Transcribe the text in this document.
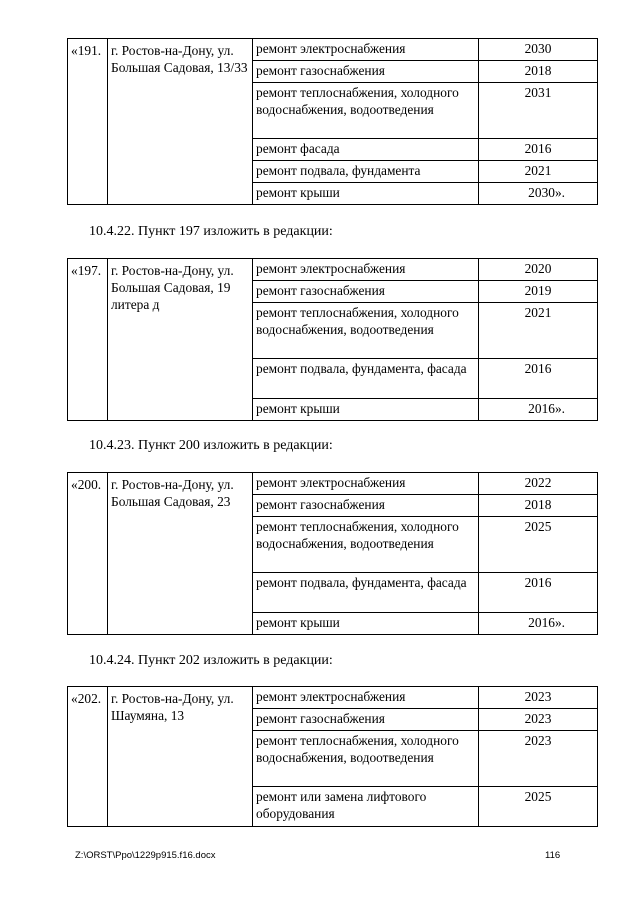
«191.	г. Ростов-на-Дону, ул. Большая Садовая, 13/33	ремонт электроснабжения	2030
		ремонт газоснабжения	2018
		ремонт теплоснабжения, холодного водоснабжения, водоотведения	2031
		ремонт фасада	2016
		ремонт подвала, фундамента	2021
		ремонт крыши	2030».
10.4.22. Пункт 197 изложить в редакции:
«197.	г. Ростов-на-Дону, ул. Большая Садовая, 19 литера д	ремонт электроснабжения	2020
		ремонт газоснабжения	2019
		ремонт теплоснабжения, холодного водоснабжения, водоотведения	2021
		ремонт подвала, фундамента, фасада	2016
		ремонт крыши	2016».
10.4.23. Пункт 200 изложить в редакции:
«200.	г. Ростов-на-Дону, ул. Большая Садовая, 23	ремонт электроснабжения	2022
		ремонт газоснабжения	2018
		ремонт теплоснабжения, холодного водоснабжения, водоотведения	2025
		ремонт подвала, фундамента, фасада	2016
		ремонт крыши	2016».
10.4.24. Пункт 202 изложить в редакции:
«202.	г. Ростов-на-Дону, ул. Шаумяна, 13	ремонт электроснабжения	2023
		ремонт газоснабжения	2023
		ремонт теплоснабжения, холодного водоснабжения, водоотведения	2023
		ремонт или замена лифтового оборудования	2025
Z:\ORST\Ppo\1229p915.f16.docx	116
